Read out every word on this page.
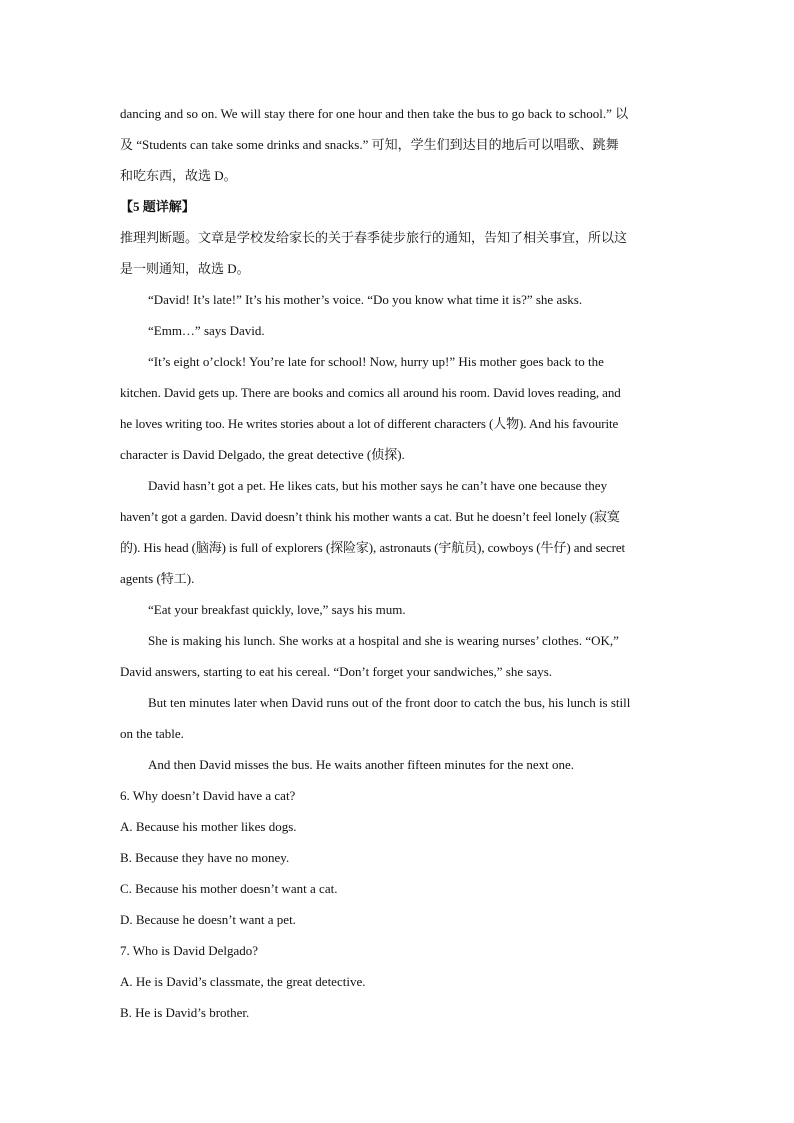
dancing and so on. We will stay there for one hour and then take the bus to go back to school.” 以

及 “Students can take some drinks and snacks.” 可知，学生们到达目的地后可以唱歌、跳舞

和吃东西，故选 D。

【5 题详解】

推理判断题。文章是学校发给家长的关于春季徒步旅行的通知，告知了相关事宜，所以这

是一则通知，故选 D。

“David! It’s late!” It’s his mother’s voice. “Do you know what time it is?” she asks.

“Emm…” says David.

“It’s eight o’clock! You’re late for school! Now, hurry up!” His mother goes back to the

kitchen. David gets up. There are books and comics all around his room. David loves reading, and

he loves writing too. He writes stories about a lot of different characters (人物). And his favourite

character is David Delgado, the great detective (侦探).

David hasn’t got a pet. He likes cats, but his mother says he can’t have one because they

haven’t got a garden. David doesn’t think his mother wants a cat. But he doesn’t feel lonely (寂寞

的). His head (脑海) is full of explorers (探险家), astronauts (宇航员), cowboys (牛仔) and secret

agents (特工).

“Eat your breakfast quickly, love,” says his mum.

She is making his lunch. She works at a hospital and she is wearing nurses’ clothes. “OK,”

David answers, starting to eat his cereal. “Don’t forget your sandwiches,” she says.

But ten minutes later when David runs out of the front door to catch the bus, his lunch is still

on the table.

And then David misses the bus. He waits another fifteen minutes for the next one.

6. Why doesn’t David have a cat?

A. Because his mother likes dogs.

B. Because they have no money.

C. Because his mother doesn’t want a cat.

D. Because he doesn’t want a pet.

7. Who is David Delgado?

A. He is David’s classmate, the great detective.

B. He is David’s brother.
